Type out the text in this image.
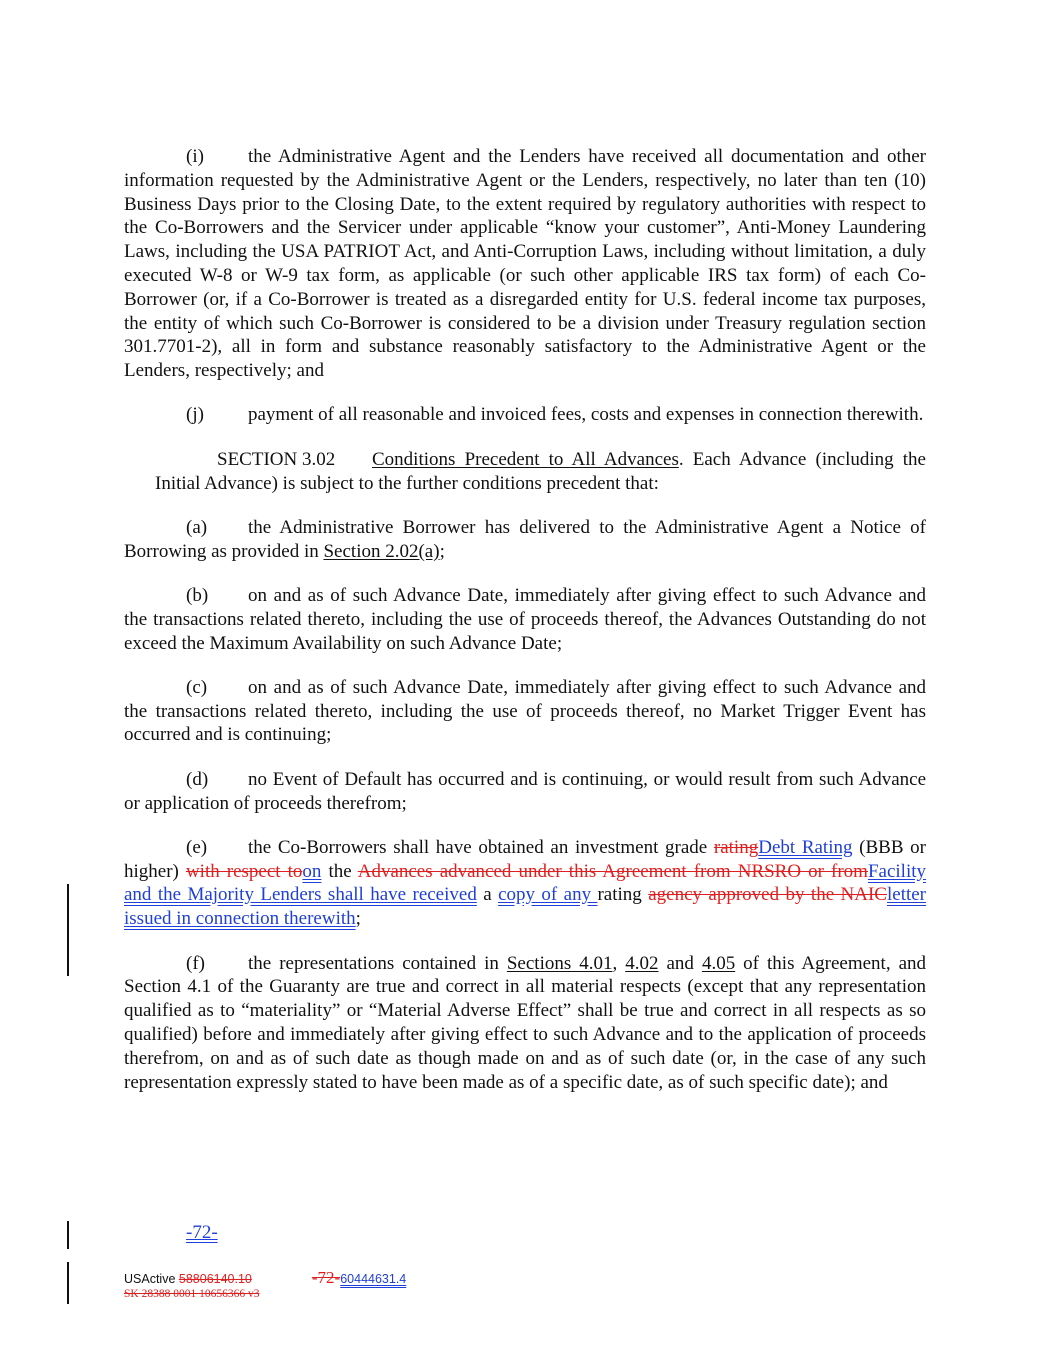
(i) the Administrative Agent and the Lenders have received all documentation and other information requested by the Administrative Agent or the Lenders, respectively, no later than ten (10) Business Days prior to the Closing Date, to the extent required by regulatory authorities with respect to the Co-Borrowers and the Servicer under applicable “know your customer”, Anti-Money Laundering Laws, including the USA PATRIOT Act, and Anti-Corruption Laws, including without limitation, a duly executed W-8 or W-9 tax form, as applicable (or such other applicable IRS tax form) of each Co-Borrower (or, if a Co-Borrower is treated as a disregarded entity for U.S. federal income tax purposes, the entity of which such Co-Borrower is considered to be a division under Treasury regulation section 301.7701-2), all in form and substance reasonably satisfactory to the Administrative Agent or the Lenders, respectively; and

(j) payment of all reasonable and invoiced fees, costs and expenses in connection therewith.

SECTION 3.02 Conditions Precedent to All Advances. Each Advance (including the Initial Advance) is subject to the further conditions precedent that:

(a) the Administrative Borrower has delivered to the Administrative Agent a Notice of Borrowing as provided in Section 2.02(a);

(b) on and as of such Advance Date, immediately after giving effect to such Advance and the transactions related thereto, including the use of proceeds thereof, the Advances Outstanding do not exceed the Maximum Availability on such Advance Date;

(c) on and as of such Advance Date, immediately after giving effect to such Advance and the transactions related thereto, including the use of proceeds thereof, no Market Trigger Event has occurred and is continuing;

(d) no Event of Default has occurred and is continuing, or would result from such Advance or application of proceeds therefrom;

(e) the Co-Borrowers shall have obtained an investment grade ratingDebt Rating (BBB or higher) with respect toon the Advances advanced under this Agreement from NRSRO or fromFacility and the Majority Lenders shall have received a copy of any rating agency approved by the NAICletter issued in connection therewith;

(f) the representations contained in Sections 4.01, 4.02 and 4.05 of this Agreement, and Section 4.1 of the Guaranty are true and correct in all material respects (except that any representation qualified as to “materiality” or “Material Adverse Effect” shall be true and correct in all respects as so qualified) before and immediately after giving effect to such Advance and to the application of proceeds therefrom, on and as of such date as though made on and as of such date (or, in the case of any such representation expressly stated to have been made as of a specific date, as of such specific date); and

-72-
USActive 58806140.10	-72-60444631.4
SK 28388 0001 10656366 v3
